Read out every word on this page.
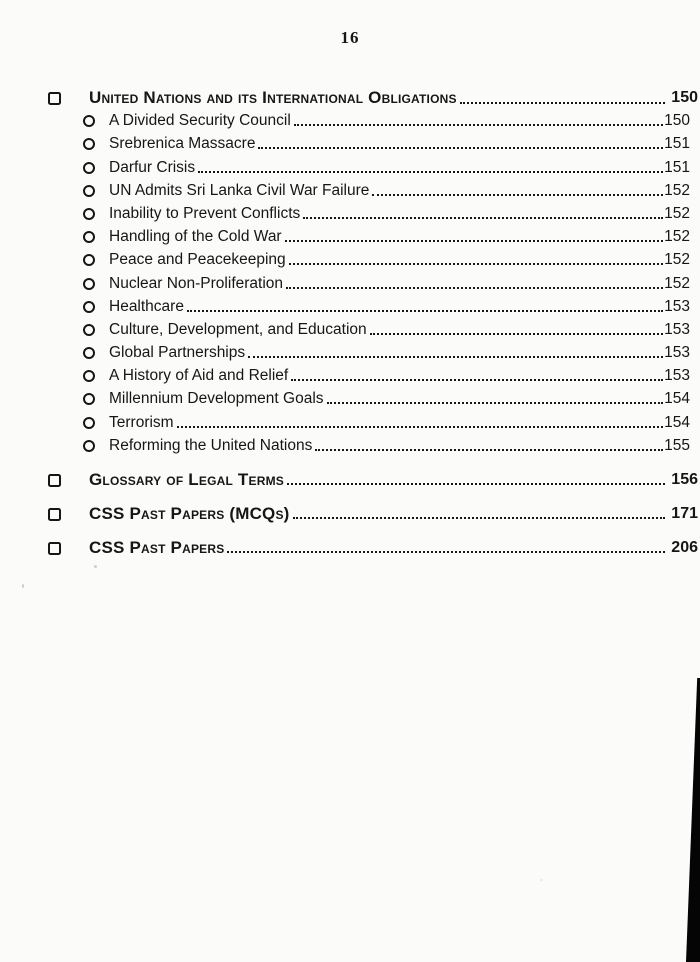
16
United Nations and its International Obligations	150
A Divided Security Council	150
Srebrenica Massacre	151
Darfur Crisis	151
UN Admits Sri Lanka Civil War Failure	152
Inability to Prevent Conflicts	152
Handling of the Cold War	152
Peace and Peacekeeping	152
Nuclear Non-Proliferation	152
Healthcare	153
Culture, Development, and Education	153
Global Partnerships	153
A History of Aid and Relief	153
Millennium Development Goals	154
Terrorism	154
Reforming the United Nations	155
Glossary of Legal Terms	156
CSS Past Papers (MCQs)	171
CSS Past Papers	206
